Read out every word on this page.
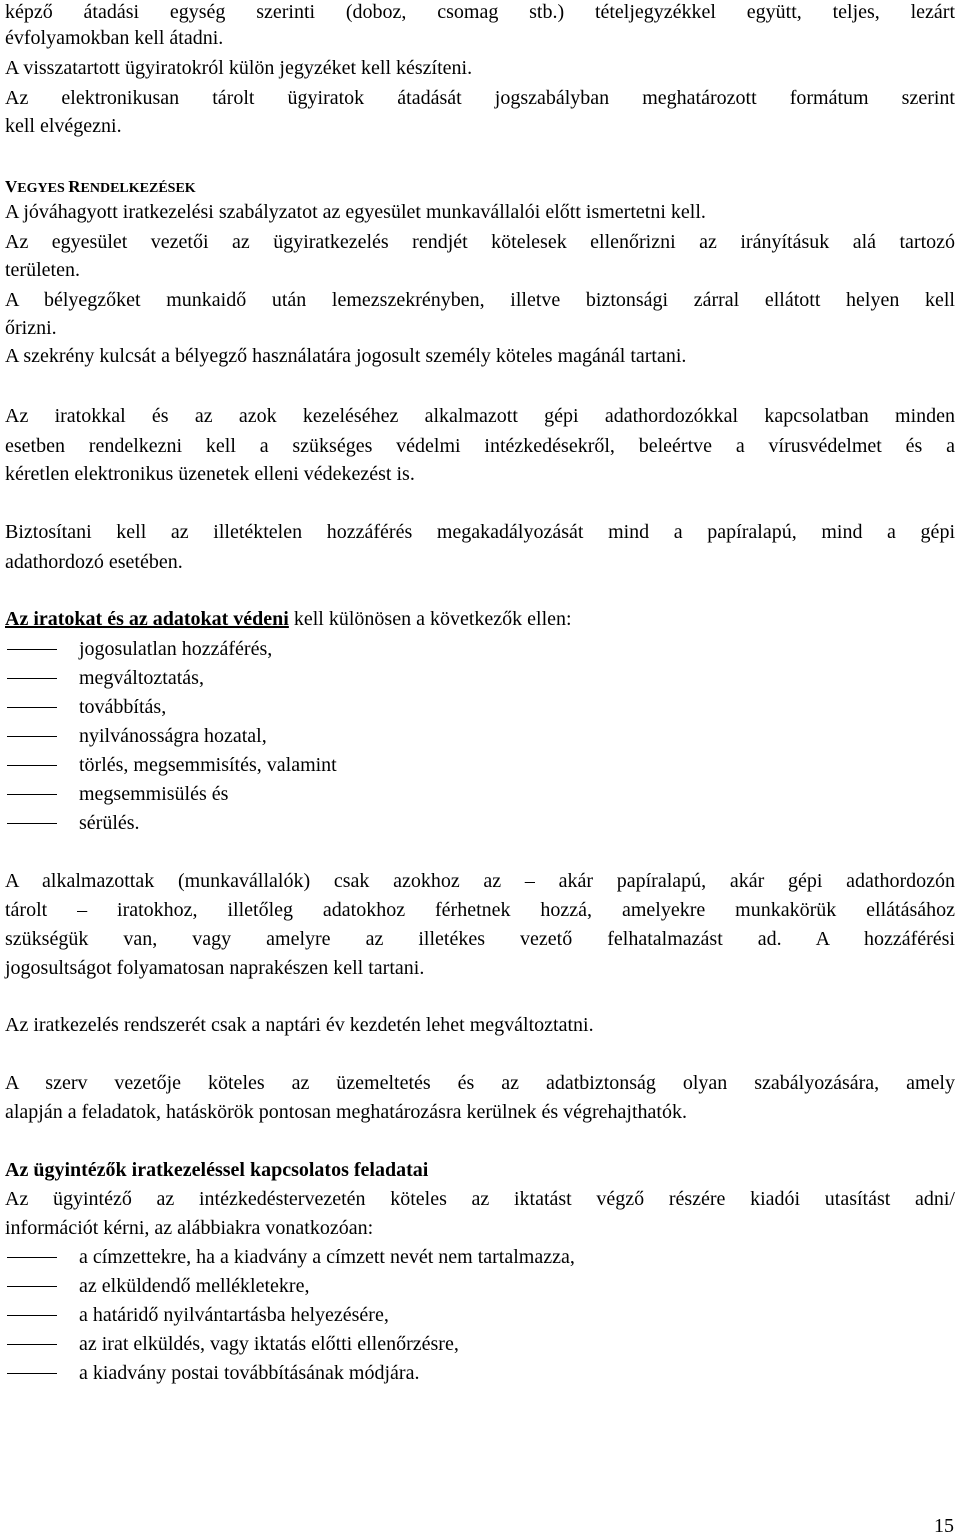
képző átadási egység szerinti (doboz, csomag stb.) tételjegyzékkel együtt, teljes, lezárt
évfolyamokban kell átadni.
A visszatartott ügyiratokról külön jegyzéket kell készíteni.
Az elektronikusan tárolt ügyiratok átadását jogszabályban meghatározott formátum szerint
kell elvégezni.
VEGYES RENDELKEZÉSEK
A jóváhagyott iratkezelési szabályzatot az egyesület munkavállalói előtt ismertetni kell.
Az egyesület vezetői az ügyiratkezelés rendjét kötelesek ellenőrizni az irányításuk alá tartozó
területen.
A bélyegzőket munkaidő után lemezszekrényben, illetve biztonsági zárral ellátott helyen kell
őrizni.
A szekrény kulcsát a bélyegző használatára jogosult személy köteles magánál tartani.
Az iratokkal és az azok kezeléséhez alkalmazott gépi adathordozókkal kapcsolatban minden
esetben rendelkezni kell a szükséges védelmi intézkedésekről, beleértve a vírusvédelmet és a
kéretlen elektronikus üzenetek elleni védekezést is.
Biztosítani kell az illetéktelen hozzáférés megakadályozását mind a papíralapú, mind a gépi
adathordozó esetében.
Az iratokat és az adatokat védeni kell különösen a következők ellen:
jogosulatlan hozzáférés,
megváltoztatás,
továbbítás,
nyilvánosságra hozatal,
törlés, megsemmisítés, valamint
megsemmisülés és
sérülés.
A alkalmazottak (munkavállalók) csak azokhoz az – akár papíralapú, akár gépi adathordozón
tárolt – iratokhoz, illetőleg adatokhoz férhetnek hozzá, amelyekre munkakörük ellátásához
szükségük van, vagy amelyre az illetékes vezető felhatalmazást ad. A hozzáférési
jogosultságot folyamatosan naprakészen kell tartani.
Az iratkezelés rendszerét csak a naptári év kezdetén lehet megváltoztatni.
A szerv vezetője köteles az üzemeltetés és az adatbiztonság olyan szabályozására, amely
alapján a feladatok, hatáskörök pontosan meghatározásra kerülnek és végrehajthatók.
Az ügyintézők iratkezeléssel kapcsolatos feladatai
Az ügyintéző az intézkedéstervezetén köteles az iktatást végző részére kiadói utasítást adni/
információt kérni, az alábbiakra vonatkozóan:
a címzettekre, ha a kiadvány a címzett nevét nem tartalmazza,
az elküldendő mellékletekre,
a határidő nyilvántartásba helyezésére,
az irat elküldés, vagy iktatás előtti ellenőrzésre,
a kiadvány postai továbbításának módjára.
15
